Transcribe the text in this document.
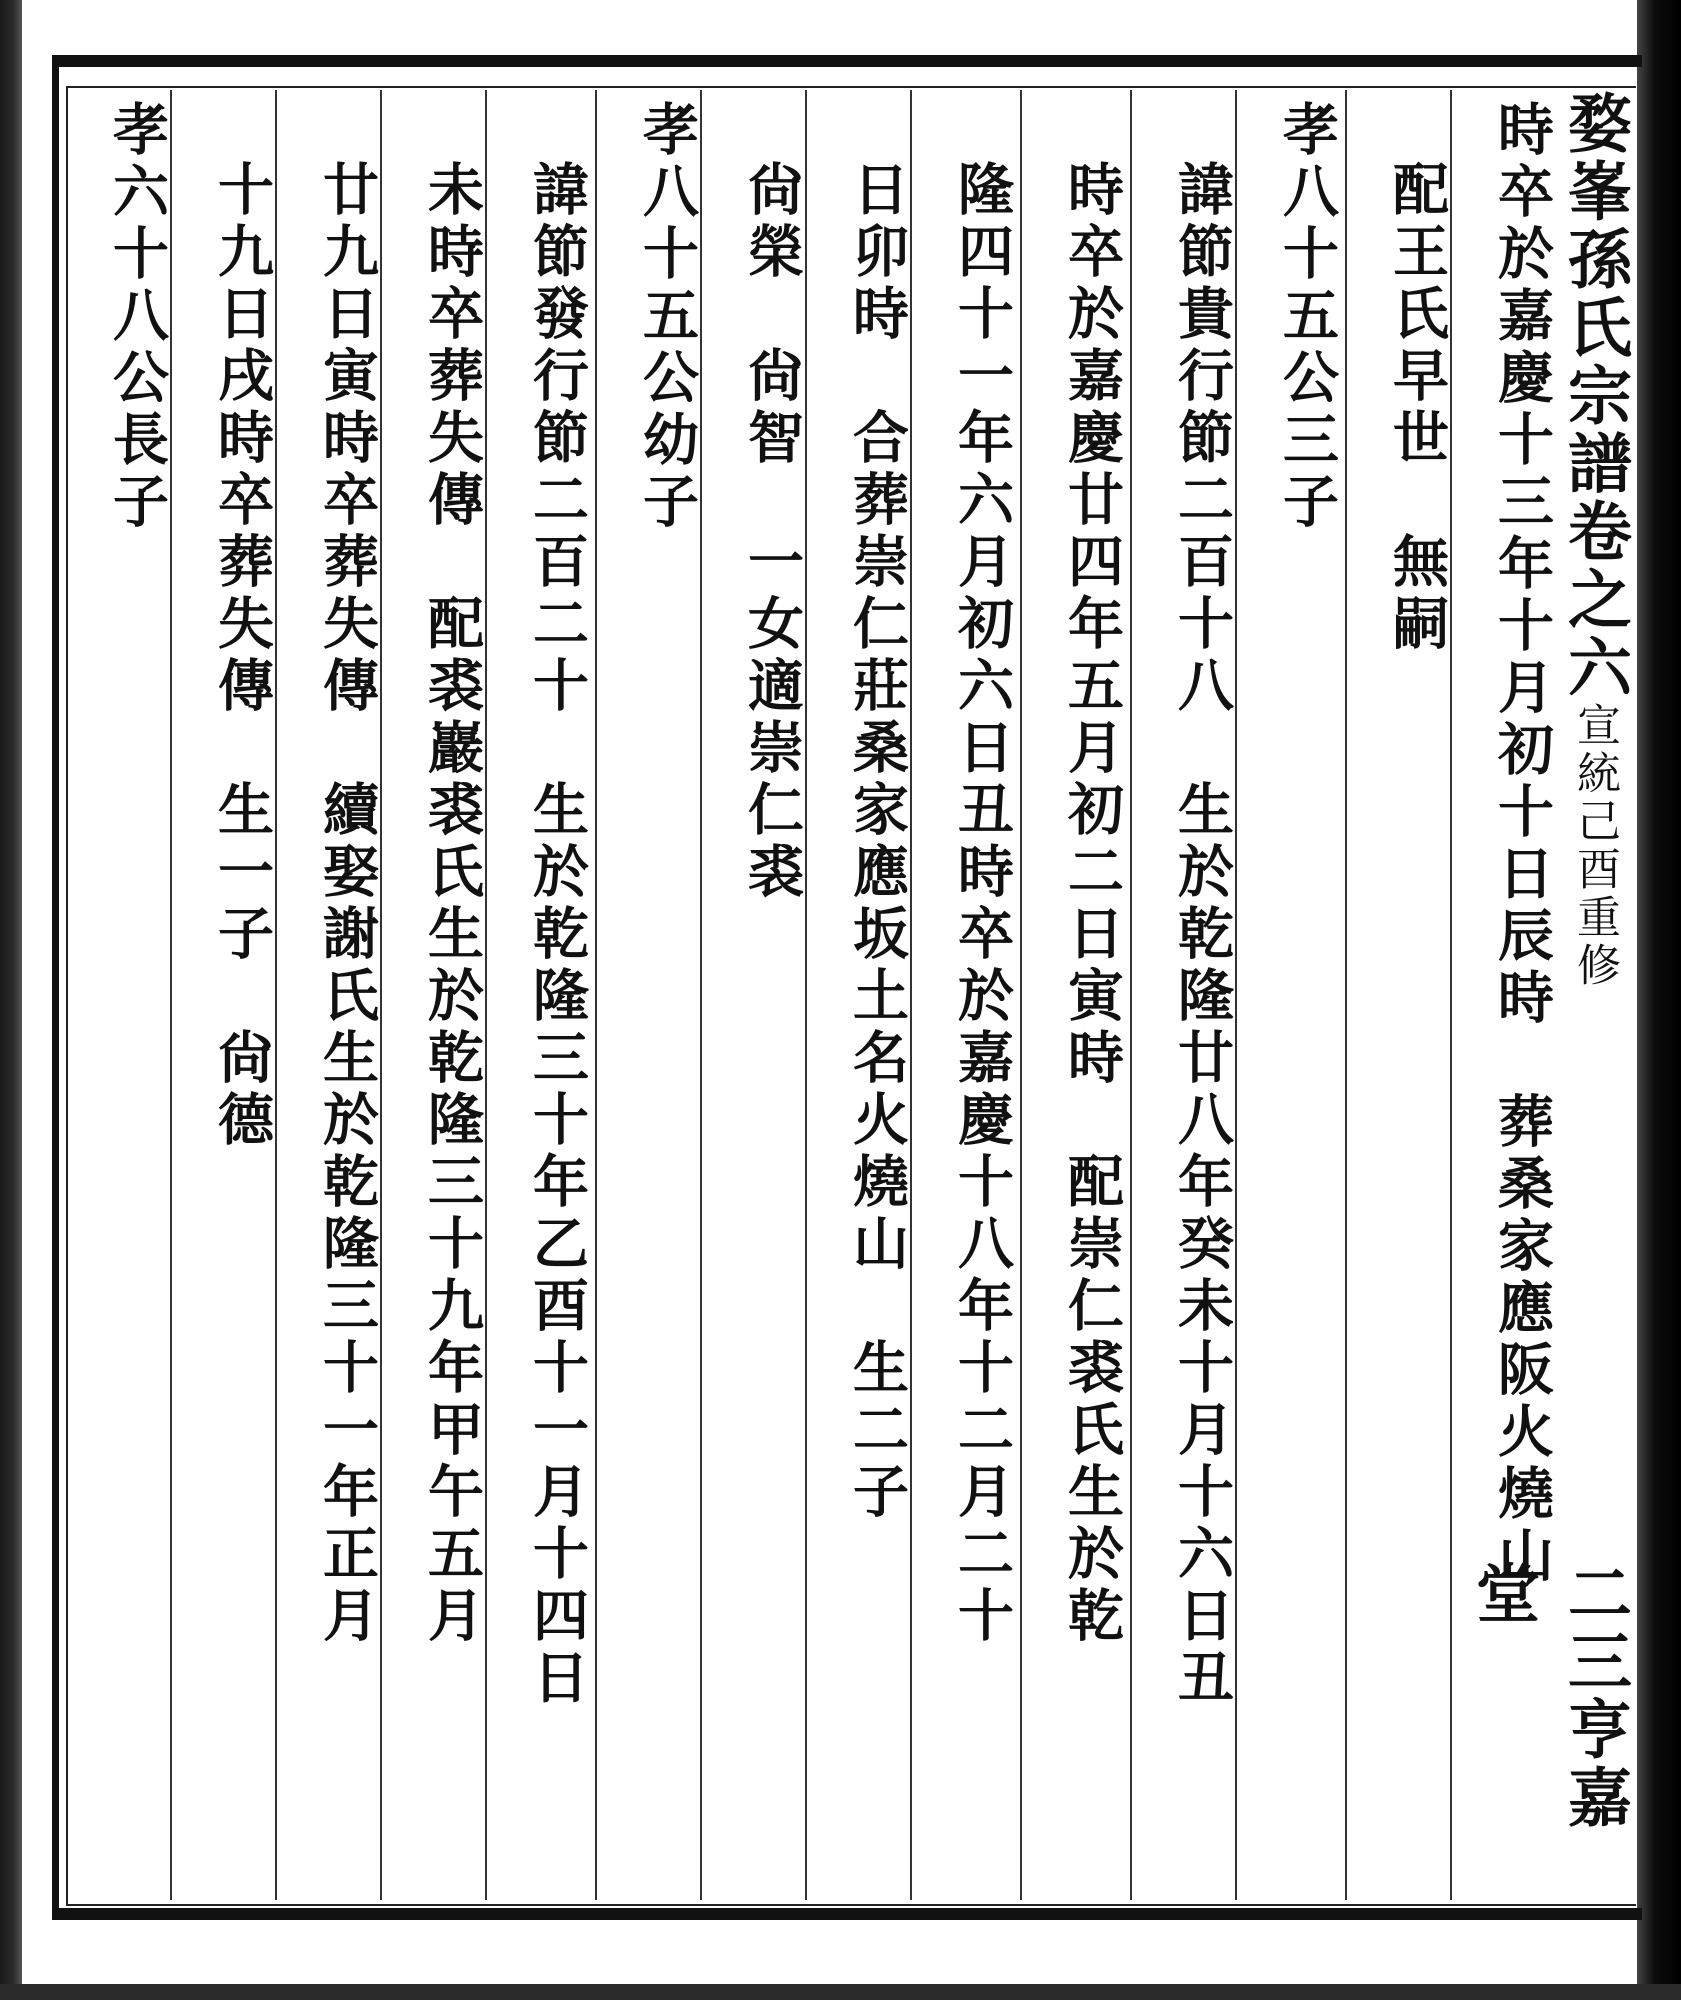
婺峯孫氏宗譜卷之六宣統己酉重修
二三亨嘉堂
時卒於嘉慶十三年十月初十日辰時　葬桑家應阪火燒山
配王氏早世　無嗣
孝八十五公三子
諱節貴行節二百十八　生於乾隆廿八年癸未十月十六日丑
時卒於嘉慶廿四年五月初二日寅時　配崇仁裘氏生於乾
隆四十一年六月初六日丑時卒於嘉慶十八年十二月二十
日卯時　合葬崇仁莊桑家應坂土名火燒山　生二子
尙榮　尙智　一女適崇仁裘
孝八十五公幼子
諱節發行節二百二十　生於乾隆三十年乙酉十一月十四日
未時卒葬失傳　配裘巖裘氏生於乾隆三十九年甲午五月
廿九日寅時卒葬失傳　續娶謝氏生於乾隆三十一年正月
十九日戌時卒葬失傳　生一子　尙德
孝六十八公長子
